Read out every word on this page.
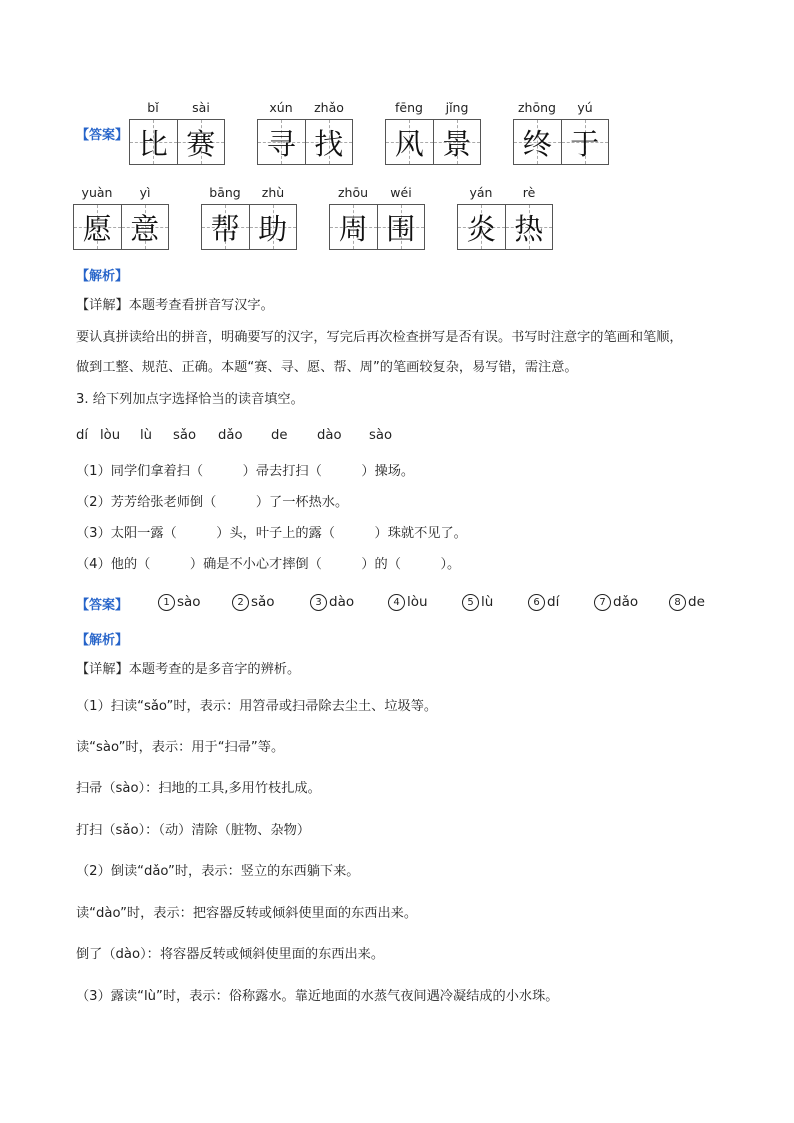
【答案】
bǐ	sài
比 赛
xún	zhǎo
寻 找
fēng	jǐng
风 景
zhōng	yú
终 于
yuàn	yì
愿 意
bāng	zhù
帮 助
zhōu	wéi
周 围
yán	rè
炎 热
【解析】
【详解】本题考查看拼音写汉字。
要认真拼读给出的拼音，明确要写的汉字，写完后再次检查拼写是否有误。书写时注意字的笔画和笔顺，
做到工整、规范、正确。本题“赛、寻、愿、帮、周”的笔画较复杂，易写错，需注意。
3. 给下列加点字选择恰当的读音填空。
dí lòu lù sǎo dǎo de dào sào
（1）同学们拿着扫（　　　）帚去打扫（　　　）操场。
（2）芳芳给张老师倒（　　　）了一杯热水。
（3）太阳一露（　　　）头，叶子上的露（　　　）珠就不见了。
（4）他的（　　　）确是不小心才摔倒（　　　）的（　　　）。
【答案】	1 sào	2 sǎo	3 dào	4 lòu	5 lù	6 dí	7 dǎo	8 de
【解析】
【详解】本题考查的是多音字的辨析。
（1）扫读“sǎo”时，表示：用笤帚或扫帚除去尘土、垃圾等。
读“sào”时，表示：用于“扫帚”等。
扫帚（sào）：扫地的工具,多用竹枝扎成。
打扫（sǎo）：（动）清除（脏物、杂物）
（2）倒读“dǎo”时，表示：竖立的东西躺下来。
读“dào”时，表示：把容器反转或倾斜使里面的东西出来。
倒了（dào）：将容器反转或倾斜使里面的东西出来。
（3）露读“lù”时，表示：俗称露水。靠近地面的水蒸气夜间遇冷凝结成的小水珠。
